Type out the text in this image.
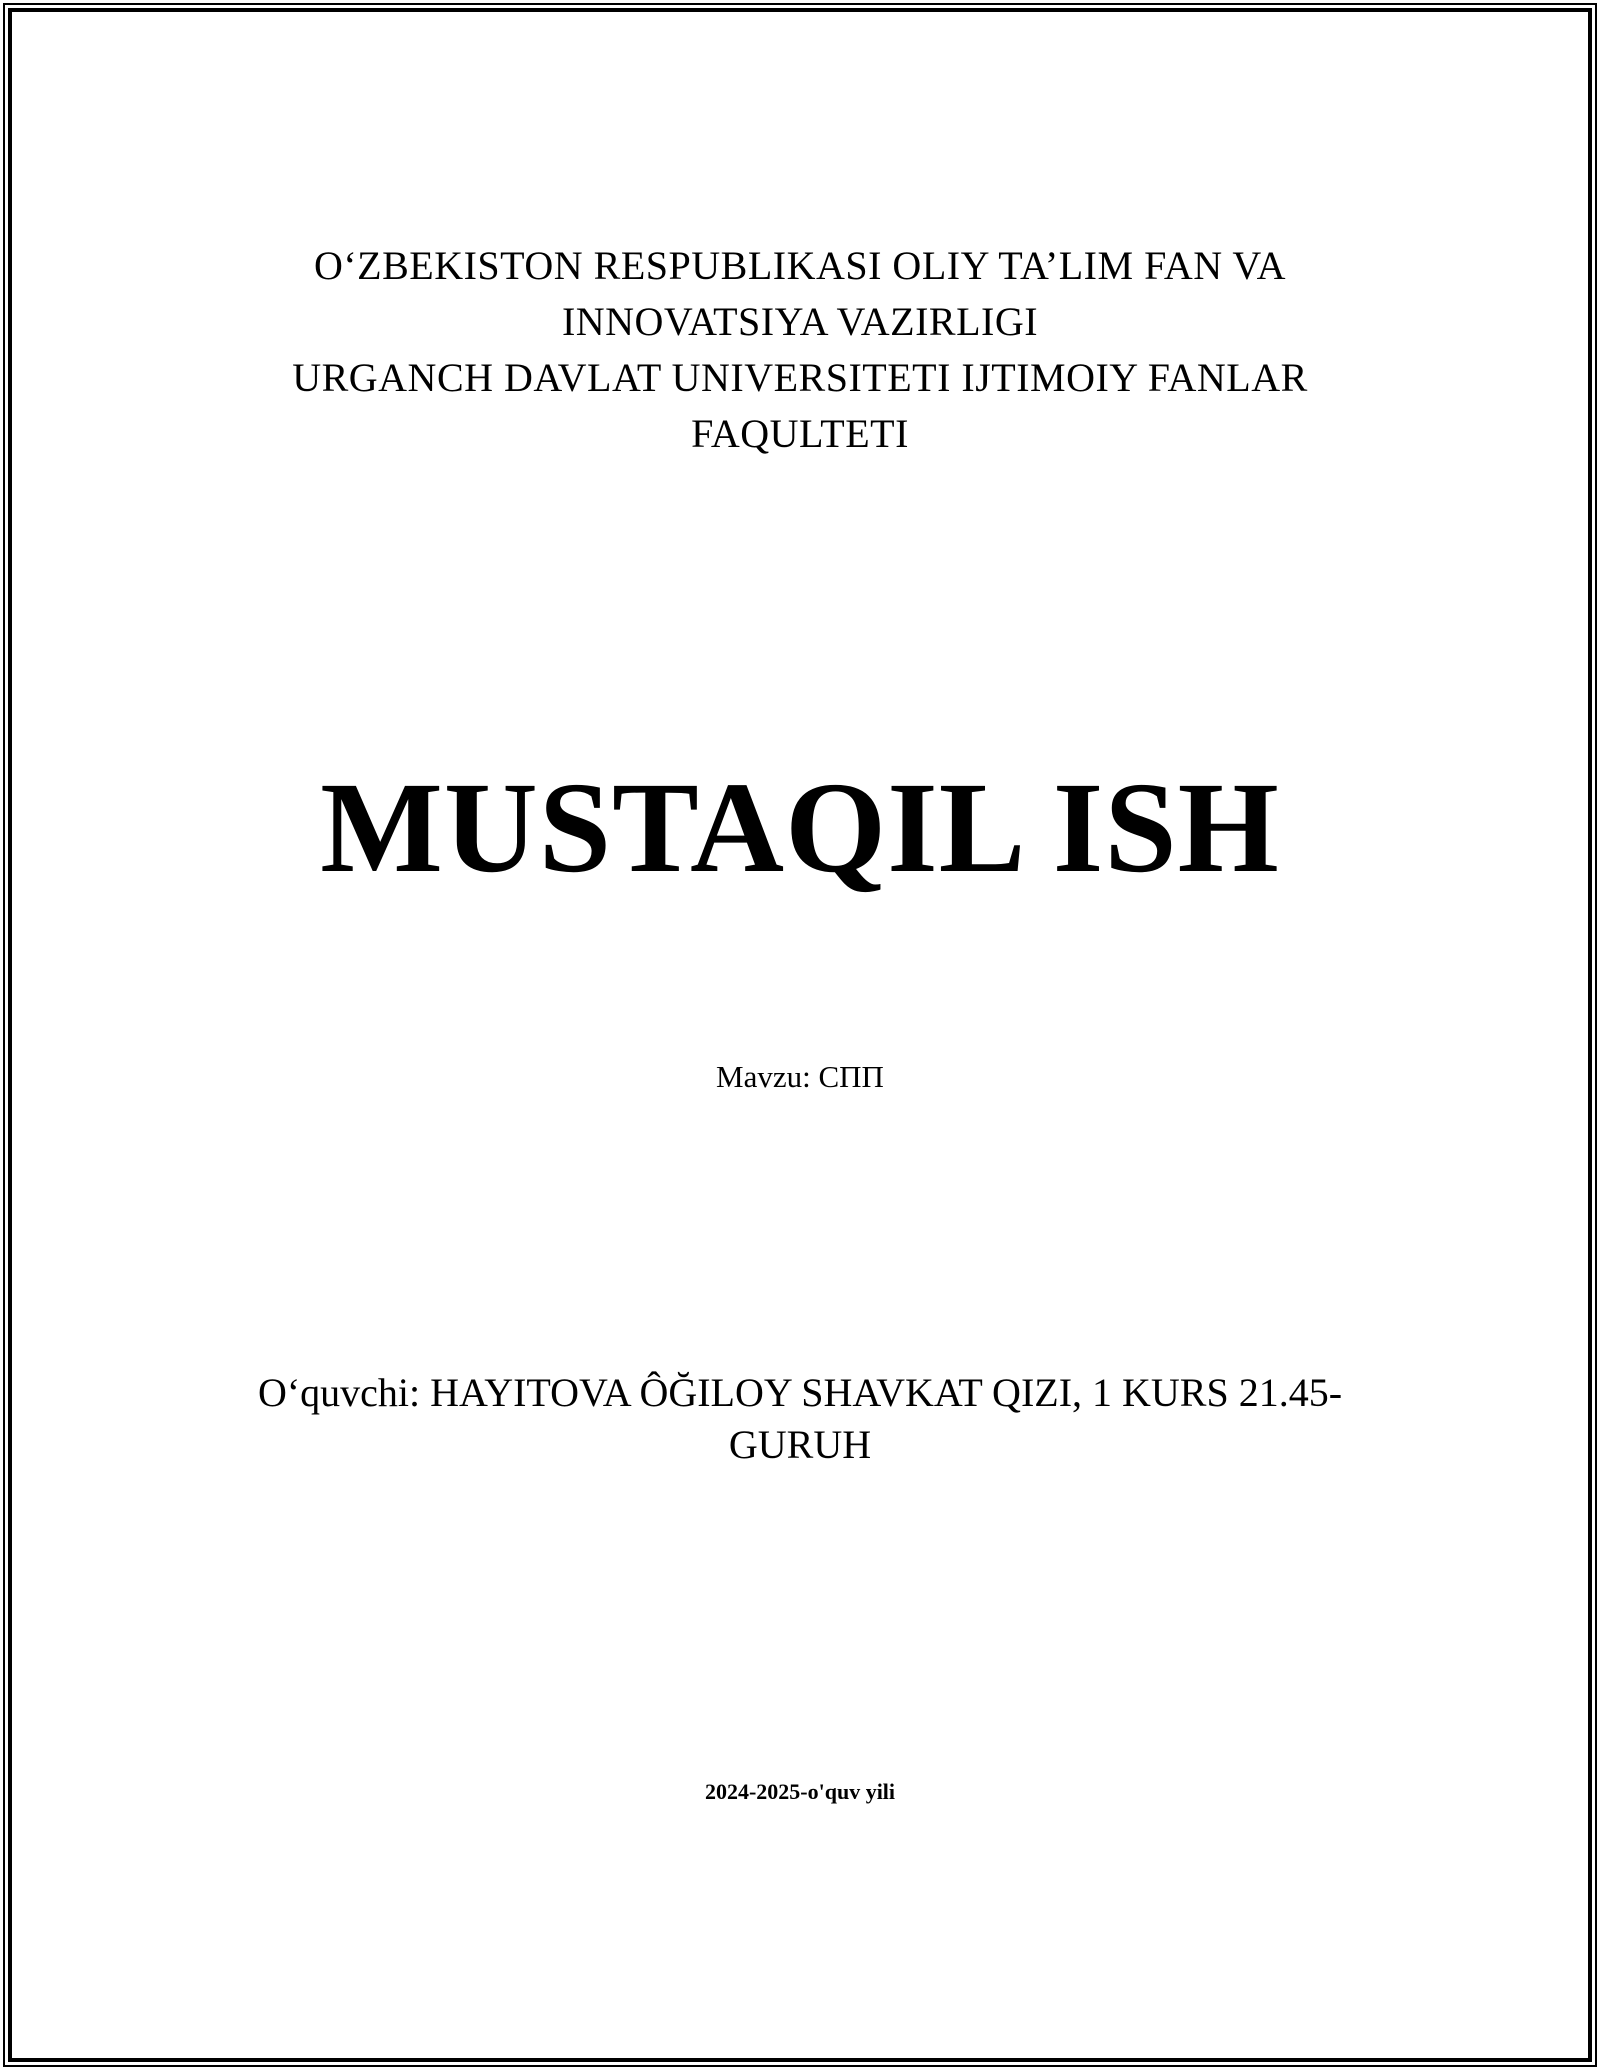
O‘ZBEKISTON RESPUBLIKASI OLIY TA’LIM FAN VA INNOVATSIYA VAZIRLIGI

URGANCH DAVLAT UNIVERSITETI IJTIMOIY FANLAR FAQULTETI

MUSTAQIL ISH

Mavzu: СПП

O‘quvchi: HAYITOVA ÔĞILOY SHAVKAT QIZI, 1 KURS 21.45-GURUH

2024-2025-o'quv yili
